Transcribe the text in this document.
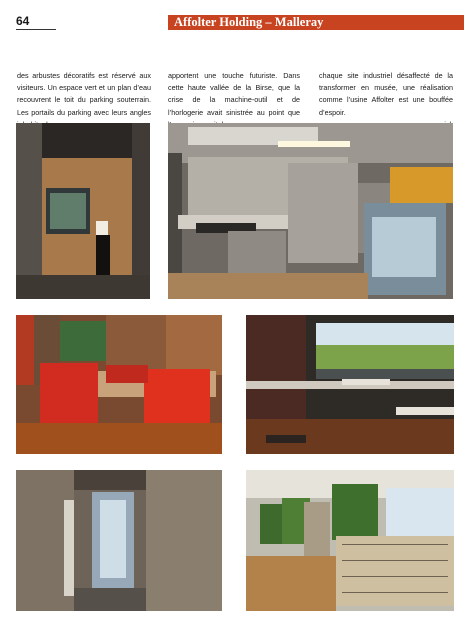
64	Affolter Holding – Malleray

des arbustes décoratifs est réservé aux visiteurs. Un espace vert et un plan d’eau recouvrent le toit du parking souterrain. Les portails du parking avec leurs angles

apportent une touche futuriste. Dans cette haute vallée de la Birse, que la crise de la machine-outil et de l’horlogerie avait sinistrée au point que

chaque site industriel désaffecté de la transformer en musée, une réalisation comme l’usine Affolter est une bouffée d’espoir.
